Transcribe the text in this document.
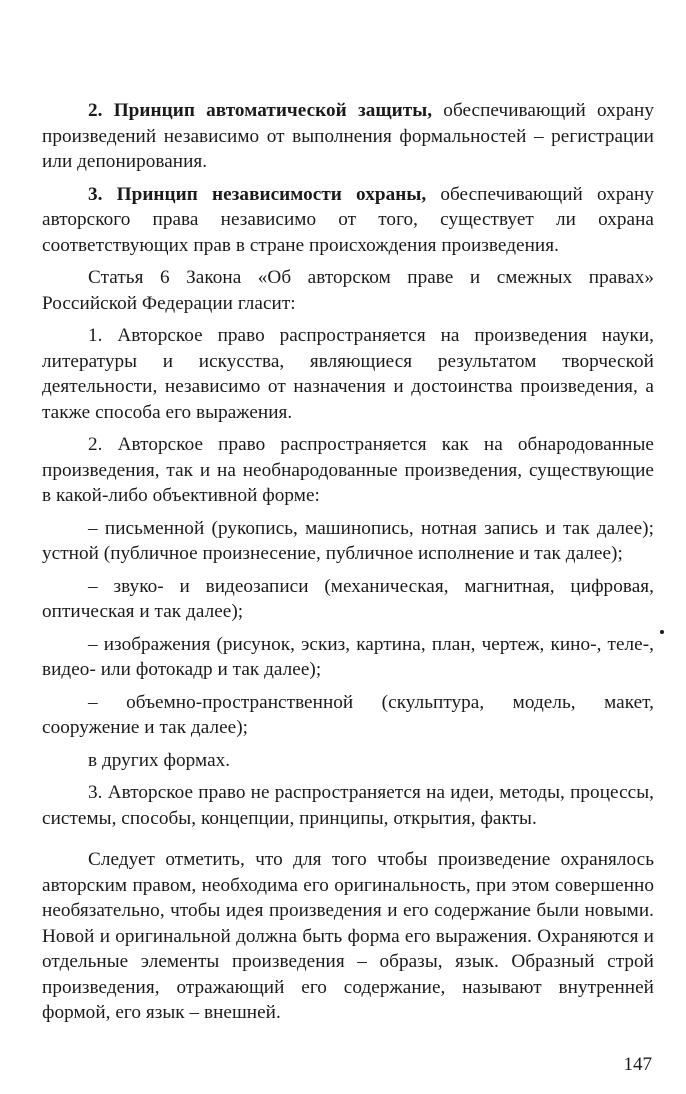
2. Принцип автоматической защиты, обеспечивающий охрану произведений независимо от выполнения формальностей – регистрации или депонирования.

3. Принцип независимости охраны, обеспечивающий охрану авторского права независимо от того, существует ли охрана соответствующих прав в стране происхождения произведения.

Статья 6 Закона «Об авторском праве и смежных правах» Российской Федерации гласит:

1. Авторское право распространяется на произведения науки, литературы и искусства, являющиеся результатом творческой деятельности, независимо от назначения и достоинства произведения, а также способа его выражения.

2. Авторское право распространяется как на обнародованные произведения, так и на необнародованные произведения, существующие в какой-либо объективной форме:

– письменной (рукопись, машинопись, нотная запись и так далее); устной (публичное произнесение, публичное исполнение и так далее);

– звуко- и видеозаписи (механическая, магнитная, цифровая, оптическая и так далее);

– изображения (рисунок, эскиз, картина, план, чертеж, кино-, теле-, видео- или фотокадр и так далее);

– объемно-пространственной (скульптура, модель, макет, сооружение и так далее);

в других формах.

3. Авторское право не распространяется на идеи, методы, процессы, системы, способы, концепции, принципы, открытия, факты.

Следует отметить, что для того чтобы произведение охранялось авторским правом, необходима его оригинальность, при этом совершенно необязательно, чтобы идея произведения и его содержание были новыми. Новой и оригинальной должна быть форма его выражения. Охраняются и отдельные элементы произведения – образы, язык. Образный строй произведения, отражающий его содержание, называют внутренней формой, его язык – внешней.

147
